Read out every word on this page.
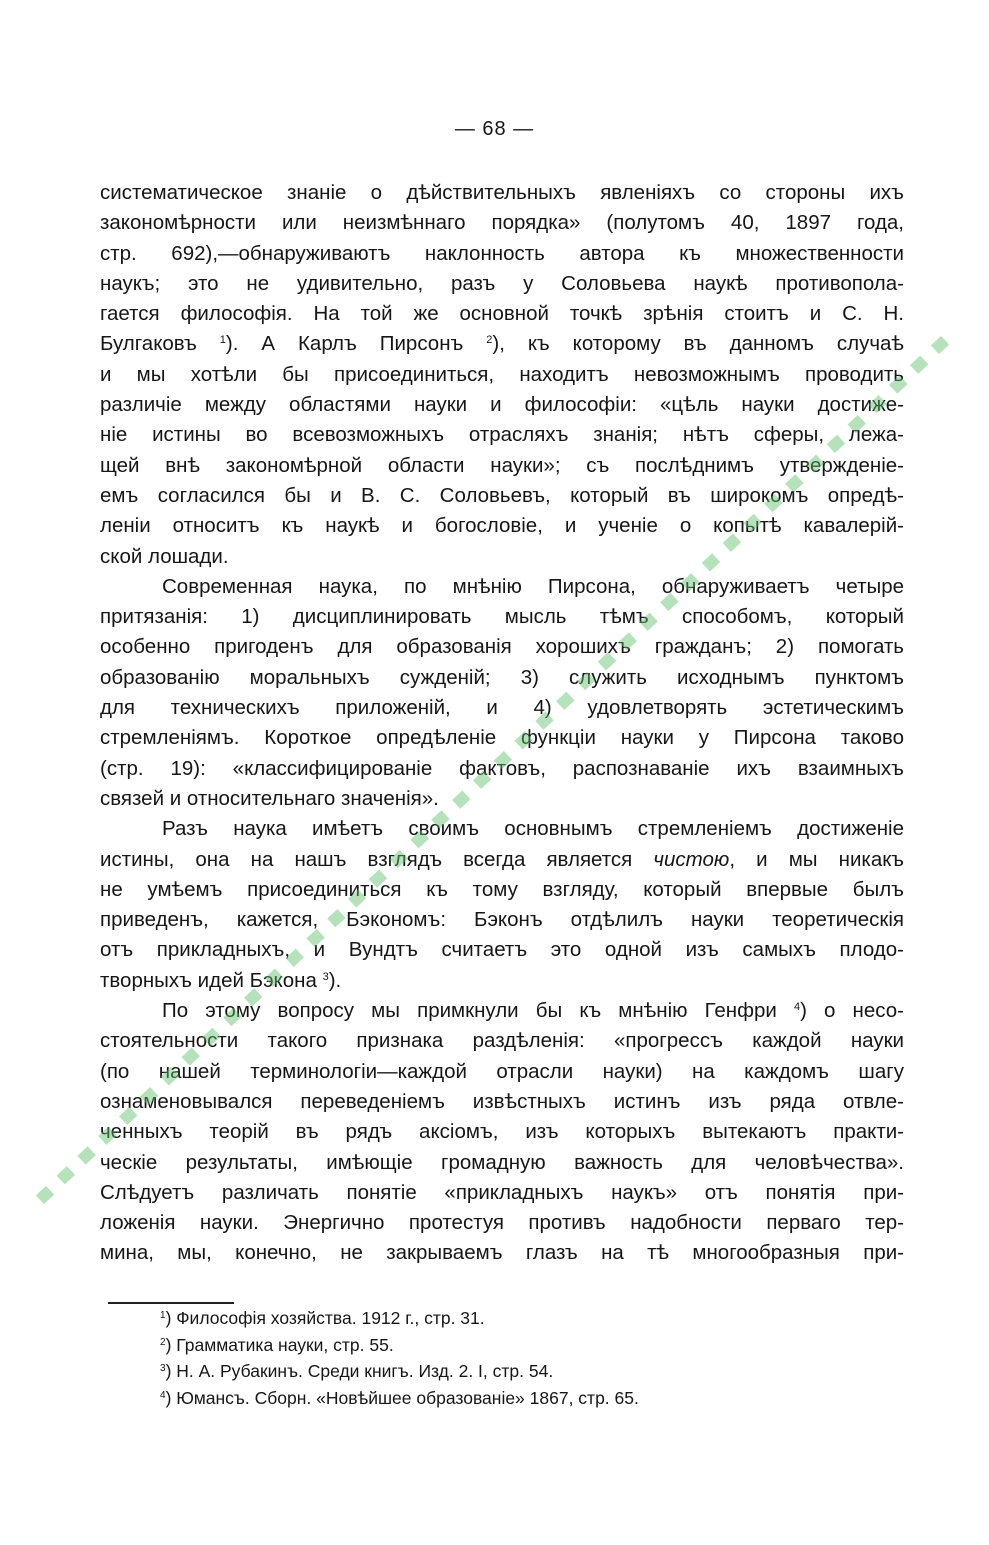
— 68 —
систематическое знаніе о дѣйствительныхъ явленіяхъ со стороны ихъ
закономѣрности или неизмѣннаго порядка» (полутомъ 40, 1897 года,
стр. 692),—обнаруживаютъ наклонность автора къ множественности
наукъ; это не удивительно, разъ у Соловьева наукѣ противопола-
гается философія. На той же основной точкѣ зрѣнія стоитъ и С. Н.
Булгаковъ $^1$). А Карлъ Пирсонъ $^2$), къ которому въ данномъ случаѣ
и мы хотѣли бы присоединиться, находитъ невозможнымъ проводить
различіе между областями науки и философіи: «цѣль науки достиже-
ніе истины во всевозможныхъ отрасляхъ знанія; нѣтъ сферы, лежа-
щей внѣ закономѣрной области науки»; съ послѣднимъ утвержденіе-
емъ согласился бы и В. С. Соловьевъ, который въ широкомъ опредѣ-
леніи относитъ къ наукѣ и богословіе, и ученіе о копытѣ кавалерій-
ской лошади.
Современная наука, по мнѣнію Пирсона, обнаруживаетъ четыре
притязанія: 1) дисциплинировать мысль тѣмъ способомъ, который
особенно пригоденъ для образованія хорошихъ гражданъ; 2) помогать
образованію моральныхъ сужденій; 3) служить исходнымъ пунктомъ
для техническихъ приложеній, и 4) удовлетворять эстетическимъ
стремленіямъ. Короткое опредѣленіе функціи науки у Пирсона таково
(стр. 19): «классифицированіе фактовъ, распознаваніе ихъ взаимныхъ
связей и относительнаго значенія».
Разъ наука имѣетъ своимъ основнымъ стремленіемъ достиженіе
истины, она на нашъ взглядъ всегда является чистою, и мы никакъ
не умѣемъ присоединиться къ тому взгляду, который впервые былъ
приведенъ, кажется, Бэкономъ: Бэконъ отдѣлилъ науки теоретическія
отъ прикладныхъ, и Вундтъ считаетъ это одной изъ самыхъ плодо-
творныхъ идей Бэкона $^3$).
По этому вопросу мы примкнули бы къ мнѣнію Генфри $^4$) о несо-
стоятельности такого признака раздѣленія: «прогрессъ каждой науки
(по нашей терминологіи—каждой отрасли науки) на каждомъ шагу
ознаменовывался переведеніемъ извѣстныхъ истинъ изъ ряда отвле-
ченныхъ теорій въ рядъ аксіомъ, изъ которыхъ вытекаютъ практи-
ческіе результаты, имѣющіе громадную важность для человѣчества».
Слѣдуетъ различать понятіе «прикладныхъ наукъ» отъ понятія при-
ложенія науки. Энергично протестуя противъ надобности перваго тер-
мина, мы, конечно, не закрываемъ глазъ на тѣ многообразныя при-
$^1$) Философія хозяйства. 1912 г., стр. 31.
$^2$) Грамматика науки, стр. 55.
$^3$) Н. А. Рубакинъ. Среди книгъ. Изд. 2. I, стр. 54.
$^4$) Юмансъ. Сборн. «Новѣйшее образованіе» 1867, стр. 65.
